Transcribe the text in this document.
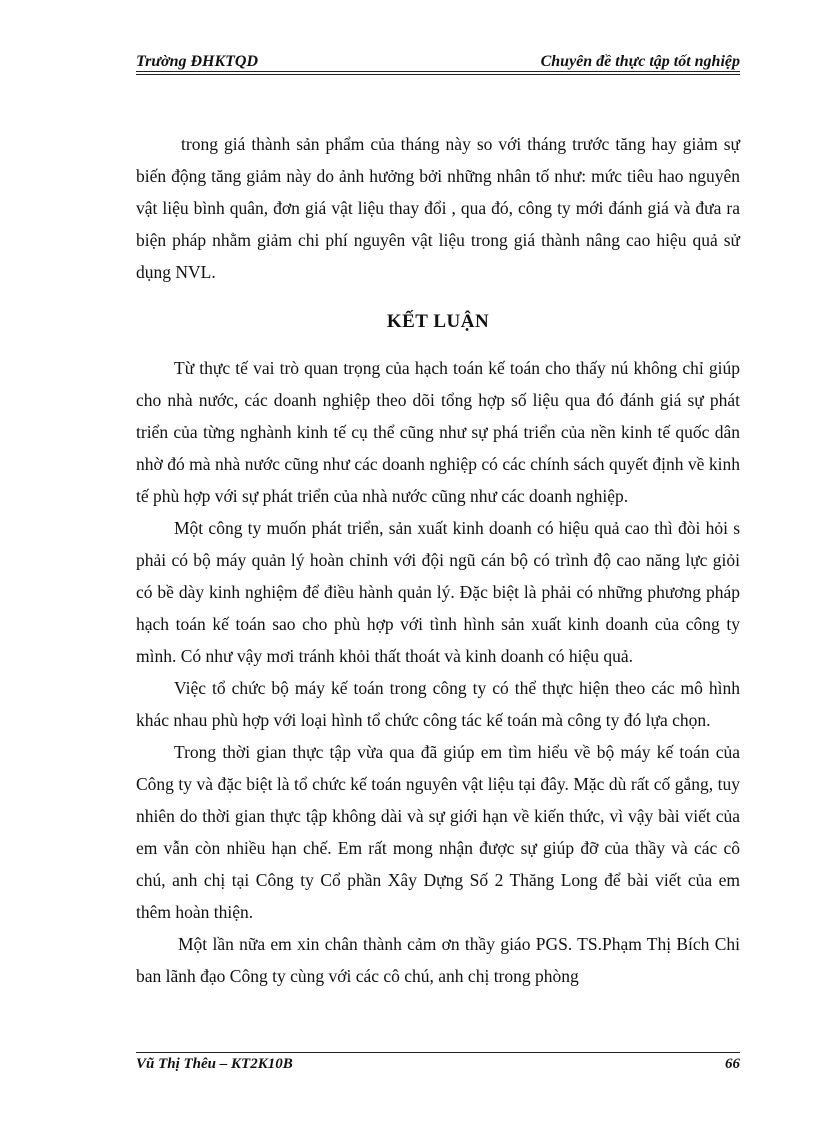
Trường ĐHKTQD	Chuyên đề thực tập tốt nghiệp

trong giá thành sản phẩm của tháng này so với tháng trước tăng hay giảm sự biến động tăng giảm này do ảnh hưởng bởi những nhân tố như: mức tiêu hao nguyên vật liệu bình quân, đơn giá vật liệu thay đổi , qua đó, công ty mới đánh giá và đưa ra biện pháp nhằm giảm chi phí nguyên vật liệu trong giá thành nâng cao hiệu quả sử dụng NVL.

KẾT LUẬN

Từ thực tế vai trò quan trọng của hạch toán kế toán cho thấy nú không chỉ giúp cho nhà nước, các doanh nghiệp theo dõi tổng hợp số liệu qua đó đánh giá sự phát triển của từng nghành kinh tế cụ thể cũng như sự phá triển của nền kinh tế quốc dân nhờ đó mà nhà nước cũng như các doanh nghiệp có các chính sách quyết định về kinh tế phù hợp với sự phát triển của nhà nước cũng như các doanh nghiệp.

Một công ty muốn phát triển, sản xuất kinh doanh có hiệu quả cao thì đòi hỏi s phải có bộ máy quản lý hoàn chỉnh với đội ngũ cán bộ có trình độ cao năng lực giỏi có bề dày kinh nghiệm để điều hành quản lý. Đặc biệt là phải có những phương pháp hạch toán kế toán sao cho phù hợp với tình hình sản xuất kinh doanh của công ty mình. Có như vậy mơi tránh khỏi thất thoát và kinh doanh có hiệu quả.

Việc tổ chức bộ máy kế toán trong công ty có thể thực hiện theo các mô hình khác nhau phù hợp với loại hình tổ chức công tác kế toán mà công ty đó lựa chọn.

Trong thời gian thực tập vừa qua đã giúp em tìm hiểu về bộ máy kế toán của Công ty và đặc biệt là tổ chức kế toán nguyên vật liệu tại đây. Mặc dù rất cố gắng, tuy nhiên do thời gian thực tập không dài và sự giới hạn về kiến thức, vì vậy bài viết của em vẫn còn nhiều hạn chế. Em rất mong nhận được sự giúp đỡ của thầy và các cô chú, anh chị tại Công ty Cổ phần Xây Dựng Số 2 Thăng Long để bài viết của em thêm hoàn thiện.

Một lần nữa em xin chân thành cảm ơn thầy giáo PGS. TS.Phạm Thị Bích Chi ban lãnh đạo Công ty cùng với các cô chú, anh chị trong phòng

Vũ Thị Thêu – KT2K10B	66
